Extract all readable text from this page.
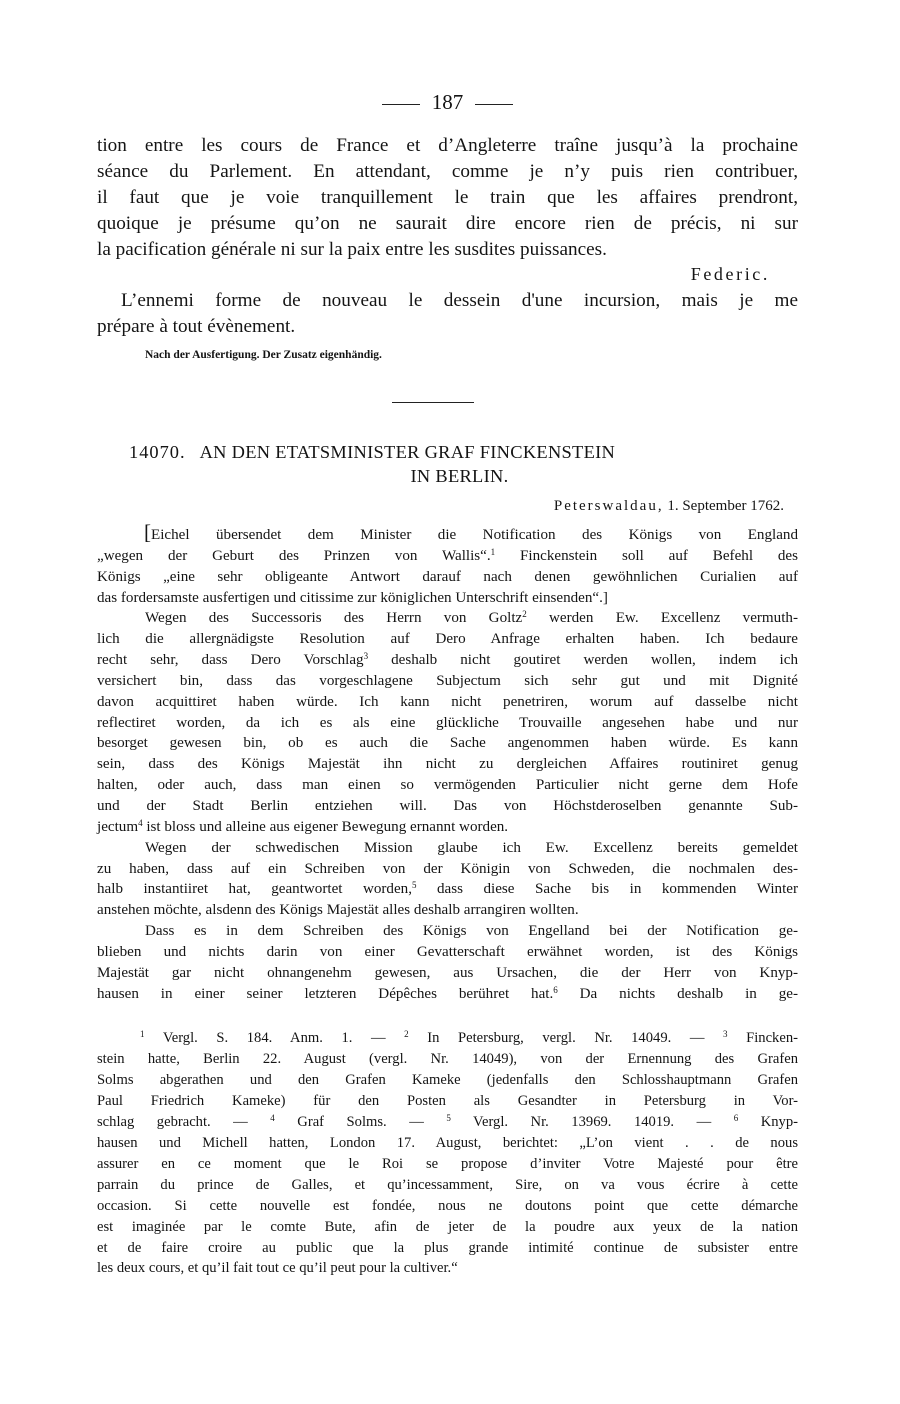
187

tion entre les cours de France et d’Angleterre traîne jusqu’à la prochaine

séance du Parlement. En attendant, comme je n’y puis rien contribuer,

il faut que je voie tranquillement le train que les affaires prendront,

quoique je présume qu’on ne saurait dire encore rien de précis, ni sur

la pacification générale ni sur la paix entre les susdites puissances.

Federic.

L’ennemi forme de nouveau le dessein d'une incursion, mais je me

prépare à tout évènement.

Nach der Ausfertigung. Der Zusatz eigenhändig.
14070. AN DEN ETATSMINISTER GRAF FINCKENSTEIN
IN BERLIN.
Peterswaldau, 1. September 1762.

[Eichel übersendet dem Minister die Notification des Königs von England

„wegen der Geburt des Prinzen von Wallis“.$^1$ Finckenstein soll auf Befehl des

Königs „eine sehr obligeante Antwort darauf nach denen gewöhnlichen Curialien auf

das fordersamste ausfertigen und citissime zur königlichen Unterschrift einsenden“.]

Wegen des Successoris des Herrn von Goltz$^2$ werden Ew. Excellenz vermuth-

lich die allergnädigste Resolution auf Dero Anfrage erhalten haben. Ich bedaure

recht sehr, dass Dero Vorschlag$^3$ deshalb nicht goutiret werden wollen, indem ich

versichert bin, dass das vorgeschlagene Subjectum sich sehr gut und mit Dignité

davon acquittiret haben würde. Ich kann nicht penetriren, worum auf dasselbe nicht

reflectiret worden, da ich es als eine glückliche Trouvaille angesehen habe und nur

besorget gewesen bin, ob es auch die Sache angenommen haben würde. Es kann

sein, dass des Königs Majestät ihn nicht zu dergleichen Affaires routiniret genug

halten, oder auch, dass man einen so vermögenden Particulier nicht gerne dem Hofe

und der Stadt Berlin entziehen will. Das von Höchstderoselben genannte Sub-

jectum$^4$ ist bloss und alleine aus eigener Bewegung ernannt worden.

Wegen der schwedischen Mission glaube ich Ew. Excellenz bereits gemeldet

zu haben, dass auf ein Schreiben von der Königin von Schweden, die nochmalen des-

halb instantiiret hat, geantwortet worden,$^5$ dass diese Sache bis in kommenden Winter

anstehen möchte, alsdenn des Königs Majestät alles deshalb arrangiren wollten.

Dass es in dem Schreiben des Königs von Engelland bei der Notification ge-

blieben und nichts darin von einer Gevatterschaft erwähnet worden, ist des Königs

Majestät gar nicht ohnangenehm gewesen, aus Ursachen, die der Herr von Knyp-

hausen in einer seiner letzteren Dépêches berühret hat.$^6$ Da nichts deshalb in ge-

$^1$ Vergl. S. 184. Anm. 1. — $^2$ In Petersburg, vergl. Nr. 14049. — $^3$ Fincken-

stein hatte, Berlin 22. August (vergl. Nr. 14049), von der Ernennung des Grafen

Solms abgerathen und den Grafen Kameke (jedenfalls den Schlosshauptmann Grafen

Paul Friedrich Kameke) für den Posten als Gesandter in Petersburg in Vor-

schlag gebracht. — $^4$ Graf Solms. — $^5$ Vergl. Nr. 13969. 14019. — $^6$ Knyp-

hausen und Michell hatten, London 17. August, berichtet: „L’on vient . . de nous

assurer en ce moment que le Roi se propose d’inviter Votre Majesté pour être

parrain du prince de Galles, et qu’incessamment, Sire, on va vous écrire à cette

occasion. Si cette nouvelle est fondée, nous ne doutons point que cette démarche

est imaginée par le comte Bute, afin de jeter de la poudre aux yeux de la nation

et de faire croire au public que la plus grande intimité continue de subsister entre

les deux cours, et qu’il fait tout ce qu’il peut pour la cultiver.“
